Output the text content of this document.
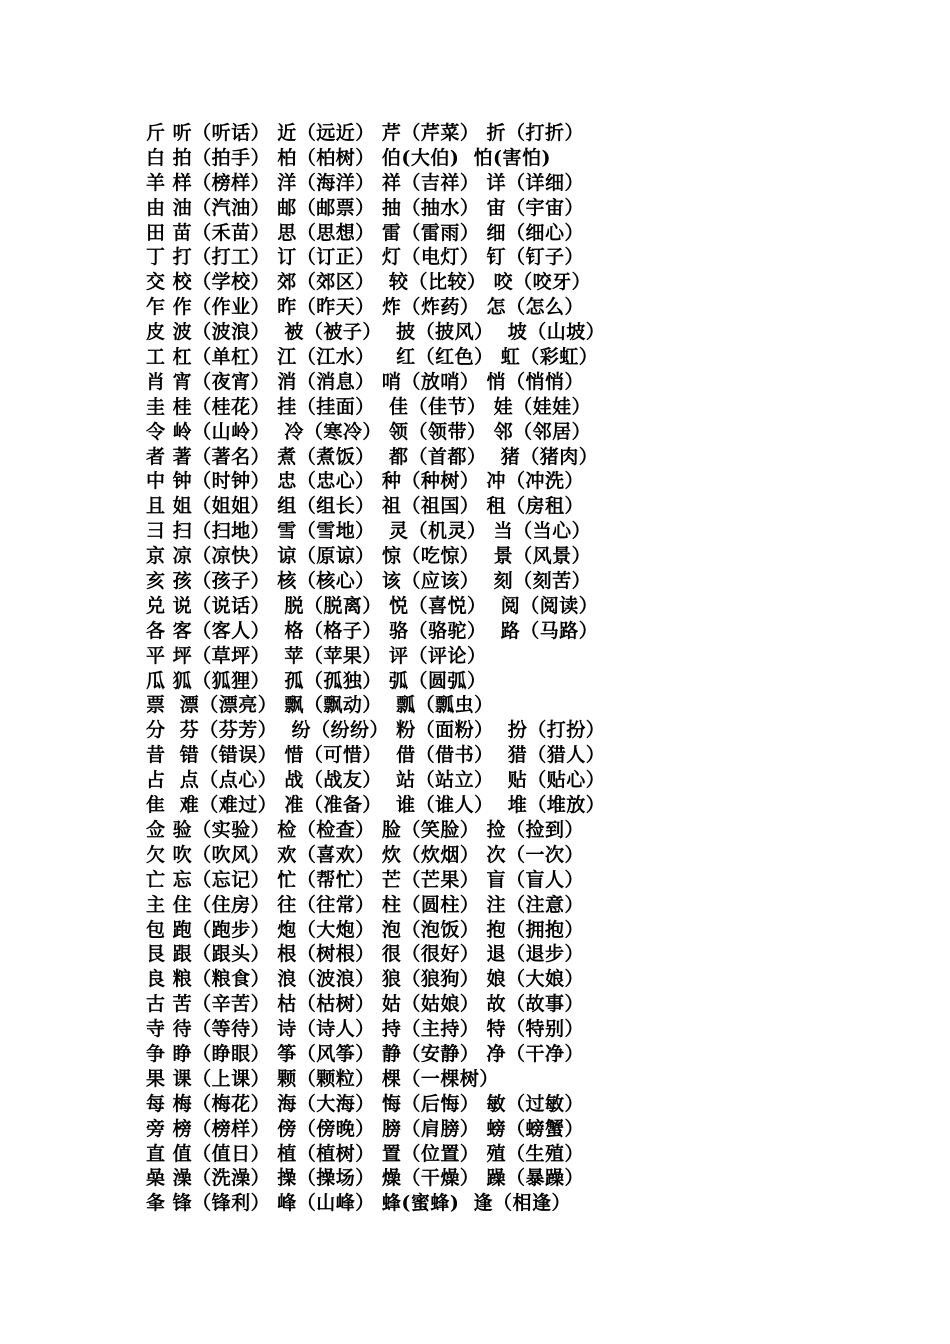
斤 听（听话） 近（远近） 芹（芹菜） 折（打折）
白 拍（拍手） 柏（柏树） 伯(大伯)  怕(害怕)
羊 样（榜样） 洋（海洋） 祥（吉祥） 详（详细）
由 油（汽油） 邮（邮票） 抽（抽水） 宙（宇宙）
田 苗（禾苗） 思（思想） 雷（雷雨） 细（细心）
丁 打（打工） 订（订正） 灯（电灯） 钉（钉子）
交 校（学校） 郊（郊区）  较（比较） 咬（咬牙）
乍 作（作业） 昨（昨天） 炸（炸药） 怎（怎么）
皮 波（波浪）  被（被子）  披（披风）  坡（山坡）
工 杠（单杠） 江（江水）   红（红色） 虹（彩虹）
肖 宵（夜宵） 消（消息） 哨（放哨） 悄（悄悄）
圭 桂（桂花） 挂（挂面）  佳（佳节） 娃（娃娃）
令 岭（山岭）  冷（寒冷） 领（领带） 邻（邻居）
者 著（著名） 煮（煮饭）  都（首都）  猪（猪肉）
中 钟（时钟） 忠（忠心） 种（种树） 冲（冲洗）
且 姐（姐姐） 组（组长） 祖（祖国） 租（房租）
彐 扫（扫地） 雪（雪地）  灵（机灵） 当（当心）
京 凉（凉快） 谅（原谅） 惊（吃惊）  景（风景）
亥 孩（孩子） 核（核心） 该（应该）  刻（刻苦）
兑 说（说话）  脱（脱离） 悦（喜悦）  阅（阅读）
各 客（客人）  格（格子） 骆（骆驼）  路（马路）
平 坪（草坪）  苹（苹果） 评（评论）
瓜 狐（狐狸）  孤（孤独） 弧（圆弧）
票  漂（漂亮） 飘（飘动）  瓢（瓢虫）
分  芬（芬芳）  纷（纷纷） 粉（面粉）  扮（打扮）
昔  错（错误） 惜（可惜）  借（借书）  猎（猎人）
占  点（点心） 战（战友）  站（站立）  贴（贴心）
隹  难（难过） 准（准备）  谁（谁人）  堆（堆放）
佥 验（实验） 检（检查） 脸（笑脸） 捡（捡到）
欠 吹（吹风） 欢（喜欢） 炊（炊烟） 次（一次）
亡 忘（忘记） 忙（帮忙） 芒（芒果） 盲（盲人）
主 住（住房） 往（往常） 柱（圆柱） 注（注意）
包 跑（跑步） 炮（大炮） 泡（泡饭） 抱（拥抱）
艮 跟（跟头） 根（树根） 很（很好） 退（退步）
良 粮（粮食） 浪（波浪） 狼（狼狗） 娘（大娘）
古 苦（辛苦） 枯（枯树） 姑（姑娘） 故（故事）
寺 待（等待） 诗（诗人） 持（主持） 特（特别）
争 睁（睁眼） 筝（风筝） 静（安静） 净（干净）
果 课（上课） 颗（颗粒） 棵（一棵树）
每 梅（梅花） 海（大海） 悔（后悔） 敏（过敏）
旁 榜（榜样） 傍（傍晚） 膀（肩膀） 螃（螃蟹）
直 值（值日） 植（植树） 置（位置） 殖（生殖）
喿 澡（洗澡） 操（操场） 燥（干燥） 躁（暴躁）
夆 锋（锋利） 峰（山峰） 蜂(蜜蜂)  逢（相逢）
